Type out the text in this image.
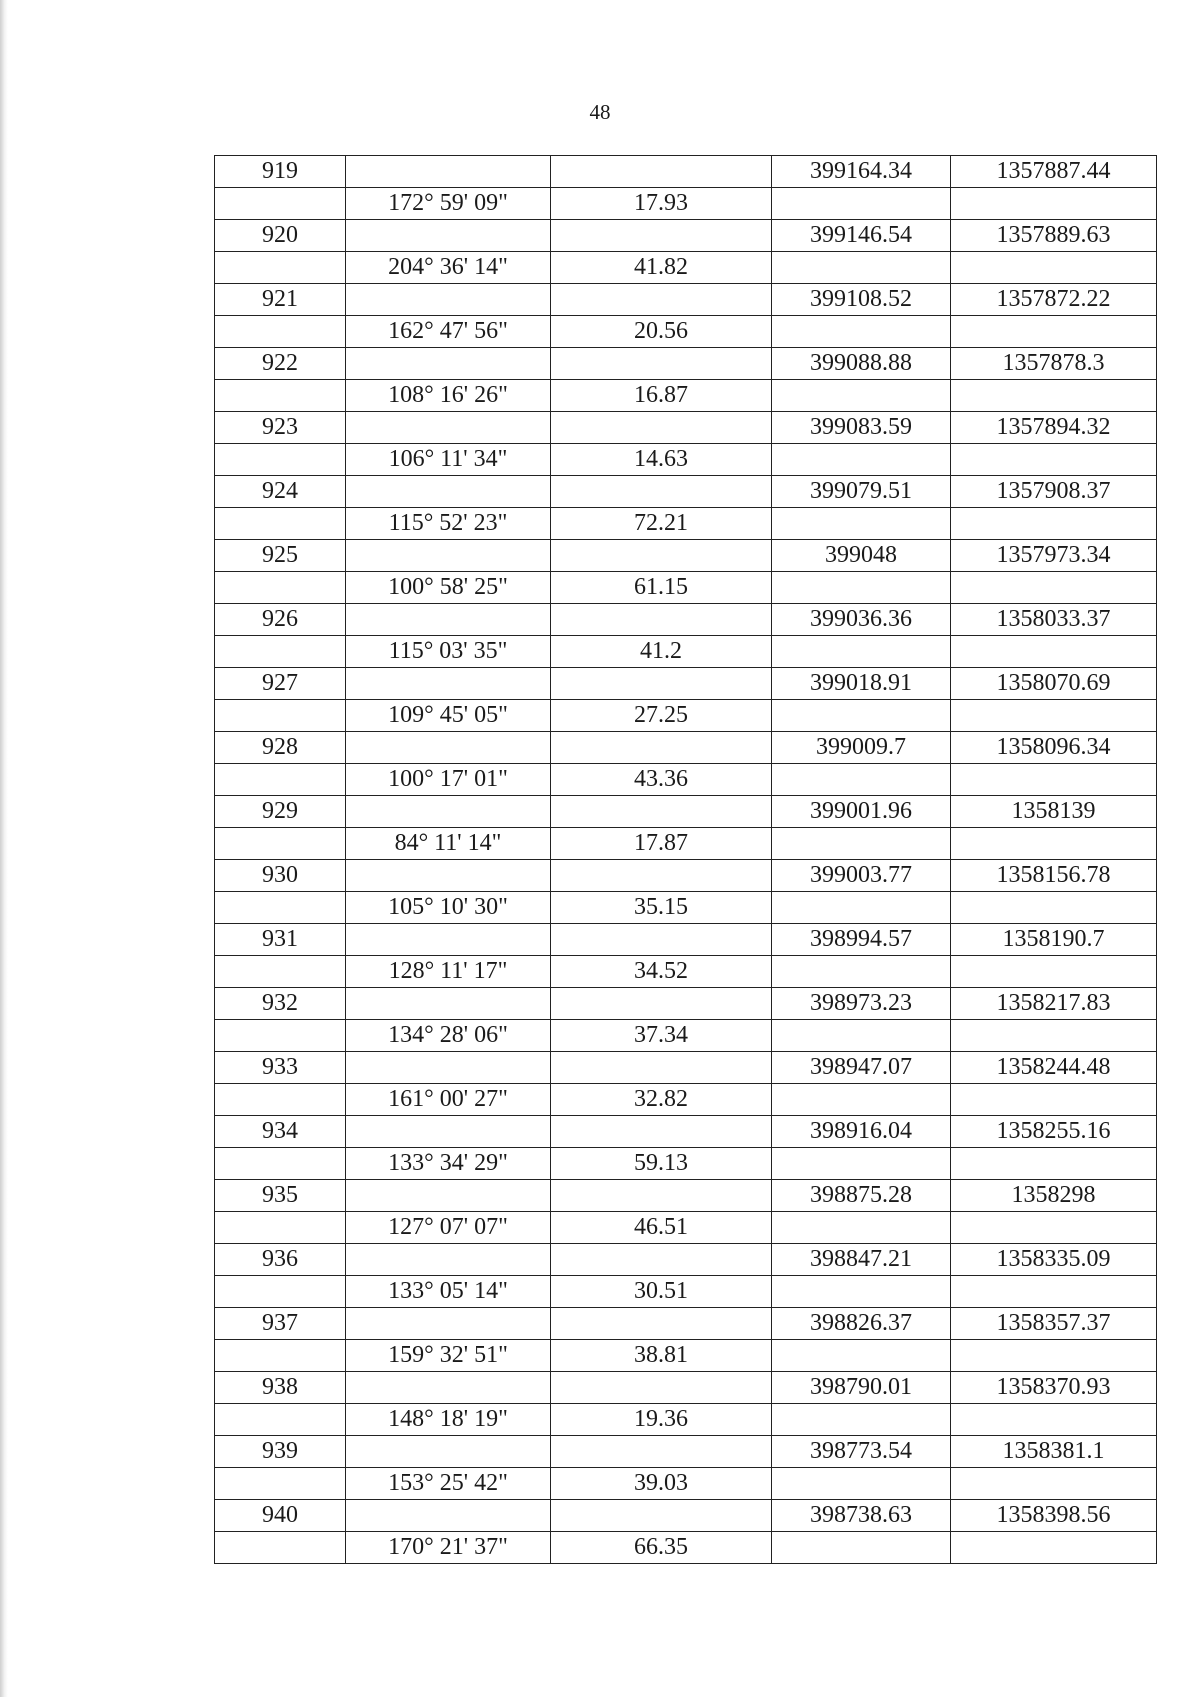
48
919			399164.34	1357887.44
	172° 59' 09"	17.93		
920			399146.54	1357889.63
	204° 36' 14"	41.82		
921			399108.52	1357872.22
	162° 47' 56"	20.56		
922			399088.88	1357878.3
	108° 16' 26"	16.87		
923			399083.59	1357894.32
	106° 11' 34"	14.63		
924			399079.51	1357908.37
	115° 52' 23"	72.21		
925			399048	1357973.34
	100° 58' 25"	61.15		
926			399036.36	1358033.37
	115° 03' 35"	41.2		
927			399018.91	1358070.69
	109° 45' 05"	27.25		
928			399009.7	1358096.34
	100° 17' 01"	43.36		
929			399001.96	1358139
	84° 11' 14"	17.87		
930			399003.77	1358156.78
	105° 10' 30"	35.15		
931			398994.57	1358190.7
	128° 11' 17"	34.52		
932			398973.23	1358217.83
	134° 28' 06"	37.34		
933			398947.07	1358244.48
	161° 00' 27"	32.82		
934			398916.04	1358255.16
	133° 34' 29"	59.13		
935			398875.28	1358298
	127° 07' 07"	46.51		
936			398847.21	1358335.09
	133° 05' 14"	30.51		
937			398826.37	1358357.37
	159° 32' 51"	38.81		
938			398790.01	1358370.93
	148° 18' 19"	19.36		
939			398773.54	1358381.1
	153° 25' 42"	39.03		
940			398738.63	1358398.56
	170° 21' 37"	66.35		
